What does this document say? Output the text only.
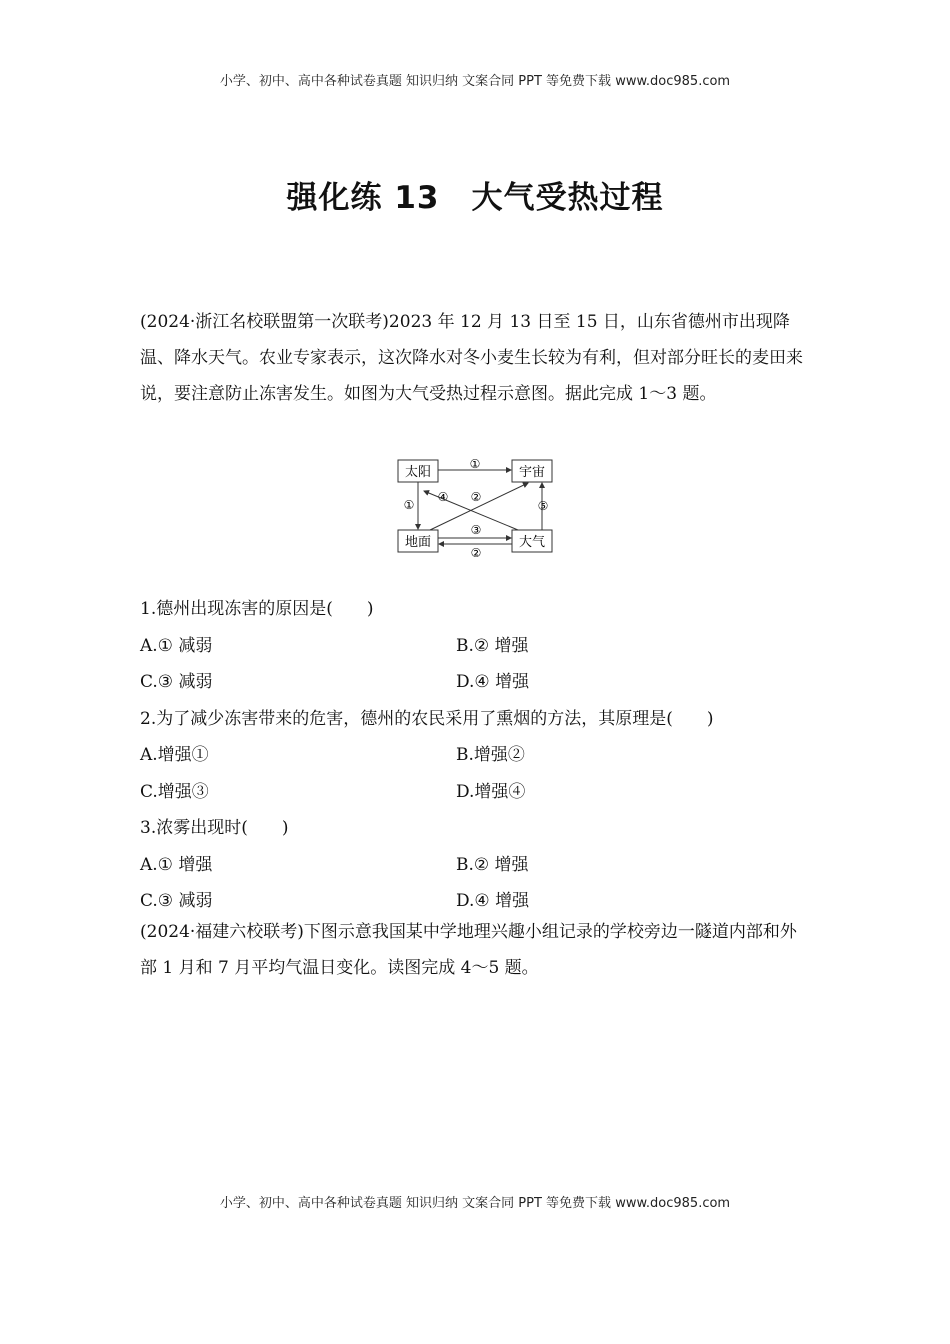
小学、初中、高中各种试卷真题 知识归纳 文案合同 PPT 等免费下载 www.doc985.com
强化练 13　大气受热过程
(2024·浙江名校联盟第一次联考)2023 年 12 月 13 日至 15 日，山东省德州市出现降温、降水天气。农业专家表示，这次降水对冬小麦生长较为有利，但对部分旺长的麦田来说，要注意防止冻害发生。如图为大气受热过程示意图。据此完成 1～3 题。
太阳	宇宙
地面	大气
①
①
④ ②
⑤
③
②
1.德州出现冻害的原因是(　　)
A.① 减弱	B.② 增强
C.③ 减弱	D.④ 增强
2.为了减少冻害带来的危害，德州的农民采用了熏烟的方法，其原理是(　　)
A.增强①	B.增强②
C.增强③	D.增强④
3.浓雾出现时(　　)
A.① 增强	B.② 增强
C.③ 减弱	D.④ 增强
(2024·福建六校联考)下图示意我国某中学地理兴趣小组记录的学校旁边一隧道内部和外部 1 月和 7 月平均气温日变化。读图完成 4～5 题。
小学、初中、高中各种试卷真题 知识归纳 文案合同 PPT 等免费下载 www.doc985.com
